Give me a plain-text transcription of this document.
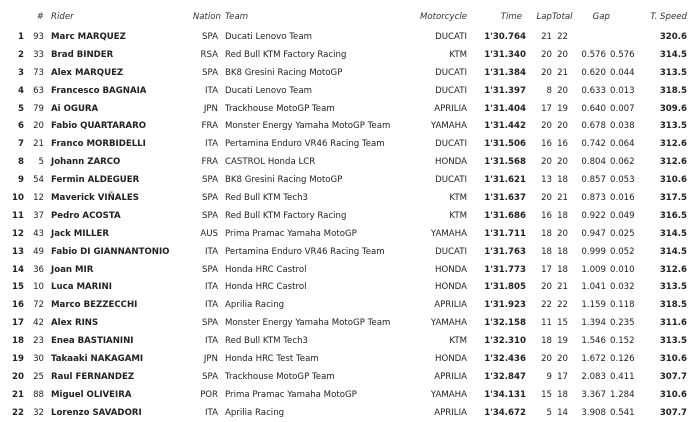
	#	Rider	Nation	Team	Motorcycle	Time	Lap	Total	Gap		T. Speed
1	93	Marc MARQUEZ	SPA	Ducati Lenovo Team	DUCATI	1'30.764	21	22			320.6
2	33	Brad BINDER	RSA	Red Bull KTM Factory Racing	KTM	1'31.340	20	20	0.576	0.576	314.5
3	73	Alex MARQUEZ	SPA	BK8 Gresini Racing MotoGP	DUCATI	1'31.384	20	21	0.620	0.044	313.5
4	63	Francesco BAGNAIA	ITA	Ducati Lenovo Team	DUCATI	1'31.397	8	20	0.633	0.013	318.5
5	79	Ai OGURA	JPN	Trackhouse MotoGP Team	APRILIA	1'31.404	17	19	0.640	0.007	309.6
6	20	Fabio QUARTARARO	FRA	Monster Energy Yamaha MotoGP Team	YAMAHA	1'31.442	20	20	0.678	0.038	313.5
7	21	Franco MORBIDELLI	ITA	Pertamina Enduro VR46 Racing Team	DUCATI	1'31.506	16	16	0.742	0.064	312.6
8	5	Johann ZARCO	FRA	CASTROL Honda LCR	HONDA	1'31.568	20	20	0.804	0.062	312.6
9	54	Fermin ALDEGUER	SPA	BK8 Gresini Racing MotoGP	DUCATI	1'31.621	13	18	0.857	0.053	310.6
10	12	Maverick VIÑALES	SPA	Red Bull KTM Tech3	KTM	1'31.637	20	21	0.873	0.016	317.5
11	37	Pedro ACOSTA	SPA	Red Bull KTM Factory Racing	KTM	1'31.686	16	18	0.922	0.049	316.5
12	43	Jack MILLER	AUS	Prima Pramac Yamaha MotoGP	YAMAHA	1'31.711	18	20	0.947	0.025	314.5
13	49	Fabio DI GIANNANTONIO	ITA	Pertamina Enduro VR46 Racing Team	DUCATI	1'31.763	18	18	0.999	0.052	314.5
14	36	Joan MIR	SPA	Honda HRC Castrol	HONDA	1'31.773	17	18	1.009	0.010	312.6
15	10	Luca MARINI	ITA	Honda HRC Castrol	HONDA	1'31.805	20	21	1.041	0.032	313.5
16	72	Marco BEZZECCHI	ITA	Aprilia Racing	APRILIA	1'31.923	22	22	1.159	0.118	318.5
17	42	Alex RINS	SPA	Monster Energy Yamaha MotoGP Team	YAMAHA	1'32.158	11	15	1.394	0.235	311.6
18	23	Enea BASTIANINI	ITA	Red Bull KTM Tech3	KTM	1'32.310	18	19	1.546	0.152	313.5
19	30	Takaaki NAKAGAMI	JPN	Honda HRC Test Team	HONDA	1'32.436	20	20	1.672	0.126	310.6
20	25	Raul FERNANDEZ	SPA	Trackhouse MotoGP Team	APRILIA	1'32.847	9	17	2.083	0.411	307.7
21	88	Miguel OLIVEIRA	POR	Prima Pramac Yamaha MotoGP	YAMAHA	1'34.131	15	18	3.367	1.284	310.6
22	32	Lorenzo SAVADORI	ITA	Aprilia Racing	APRILIA	1'34.672	5	14	3.908	0.541	307.7
